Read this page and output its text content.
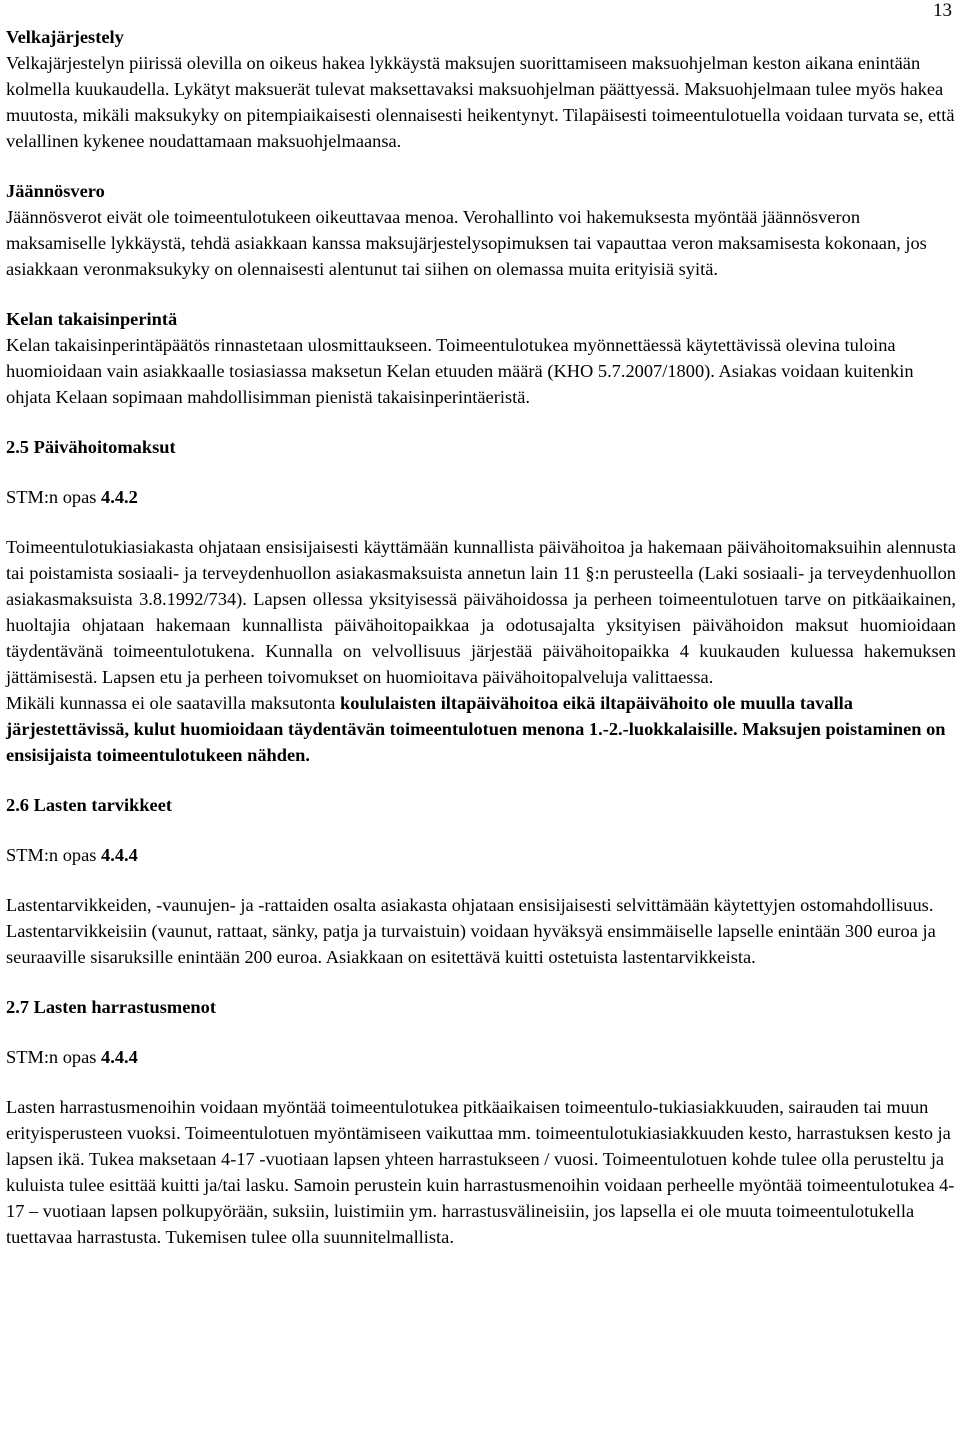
13
Velkajärjestely

Velkajärjestelyn piirissä olevilla on oikeus hakea lykkäystä maksujen suorittamiseen maksuohjelman keston aikana enintään kolmella kuukaudella. Lykätyt maksuerät tulevat maksettavaksi maksuohjelman päättyessä. Maksuohjelmaan tulee myös hakea muutosta, mikäli maksukyky on pitempiaikaisesti olennaisesti heikentynyt. Tilapäisesti toimeentulotuella voidaan turvata se, että velallinen kykenee noudattamaan maksuohjelmaansa.

Jäännösvero

Jäännösverot eivät ole toimeentulotukeen oikeuttavaa menoa. Verohallinto voi hakemuksesta myöntää jäännösveron maksamiselle lykkäystä, tehdä asiakkaan kanssa maksujärjestelysopimuksen tai vapauttaa veron maksamisesta kokonaan, jos asiakkaan veronmaksukyky on olennaisesti alentunut tai siihen on olemassa muita erityisiä syitä.

Kelan takaisinperintä

Kelan takaisinperintäpäätös rinnastetaan ulosmittaukseen. Toimeentulotukea myönnettäessä käytettävissä olevina tuloina huomioidaan vain asiakkaalle tosiasiassa maksetun Kelan etuuden määrä (KHO 5.7.2007/1800). Asiakas voidaan kuitenkin ohjata Kelaan sopimaan mahdollisimman pienistä takaisinperintäeristä.

2.5 Päivähoitomaksut

STM:n opas 4.4.2

Toimeentulotukiasiakasta ohjataan ensisijaisesti käyttämään kunnallista päivähoitoa ja hakemaan päivähoitomaksuihin alennusta tai poistamista sosiaali- ja terveydenhuollon asiakasmaksuista annetun lain 11 §:n perusteella (Laki sosiaali- ja terveydenhuollon asiakasmaksuista 3.8.1992/734). Lapsen ollessa yksityisessä päivähoidossa ja perheen toimeentulotuen tarve on pitkäaikainen, huoltajia ohjataan hakemaan kunnallista päivähoitopaikkaa ja odotusajalta yksityisen päivähoidon maksut huomioidaan täydentävänä toimeentulotukena. Kunnalla on velvollisuus järjestää päivähoitopaikka 4 kuukauden kuluessa hakemuksen jättämisestä. Lapsen etu ja perheen toivomukset on huomioitava päivähoitopalveluja valittaessa.

Mikäli kunnassa ei ole saatavilla maksutonta koululaisten iltapäivähoitoa eikä iltapäivähoito ole muulla tavalla järjestettävissä, kulut huomioidaan täydentävän toimeentulotuen menona 1.-2.-luokkalaisille. Maksujen poistaminen on ensisijaista toimeentulotukeen nähden.

2.6 Lasten tarvikkeet

STM:n opas 4.4.4

Lastentarvikkeiden, -vaunujen- ja -rattaiden osalta asiakasta ohjataan ensisijaisesti selvittämään käytettyjen ostomahdollisuus. Lastentarvikkeisiin (vaunut, rattaat, sänky, patja ja turvaistuin) voidaan hyväksyä ensimmäiselle lapselle enintään 300 euroa ja seuraaville sisaruksille enintään 200 euroa. Asiakkaan on esitettävä kuitti ostetuista lastentarvikkeista.

2.7 Lasten harrastusmenot

STM:n opas 4.4.4

Lasten harrastusmenoihin voidaan myöntää toimeentulotukea pitkäaikaisen toimeentulo-tukiasiakkuuden, sairauden tai muun erityisperusteen vuoksi. Toimeentulotuen myöntämiseen vaikuttaa mm. toimeentulotukiasiakkuuden kesto, harrastuksen kesto ja lapsen ikä. Tukea maksetaan 4-17 -vuotiaan lapsen yhteen harrastukseen / vuosi. Toimeentulotuen kohde tulee olla perusteltu ja kuluista tulee esittää kuitti ja/tai lasku. Samoin perustein kuin harrastusmenoihin voidaan perheelle myöntää toimeentulotukea 4-17 – vuotiaan lapsen polkupyörään, suksiin, luistimiin ym. harrastusvälineisiin, jos lapsella ei ole muuta toimeentulotukella tuettavaa harrastusta. Tukemisen tulee olla suunnitelmallista.
